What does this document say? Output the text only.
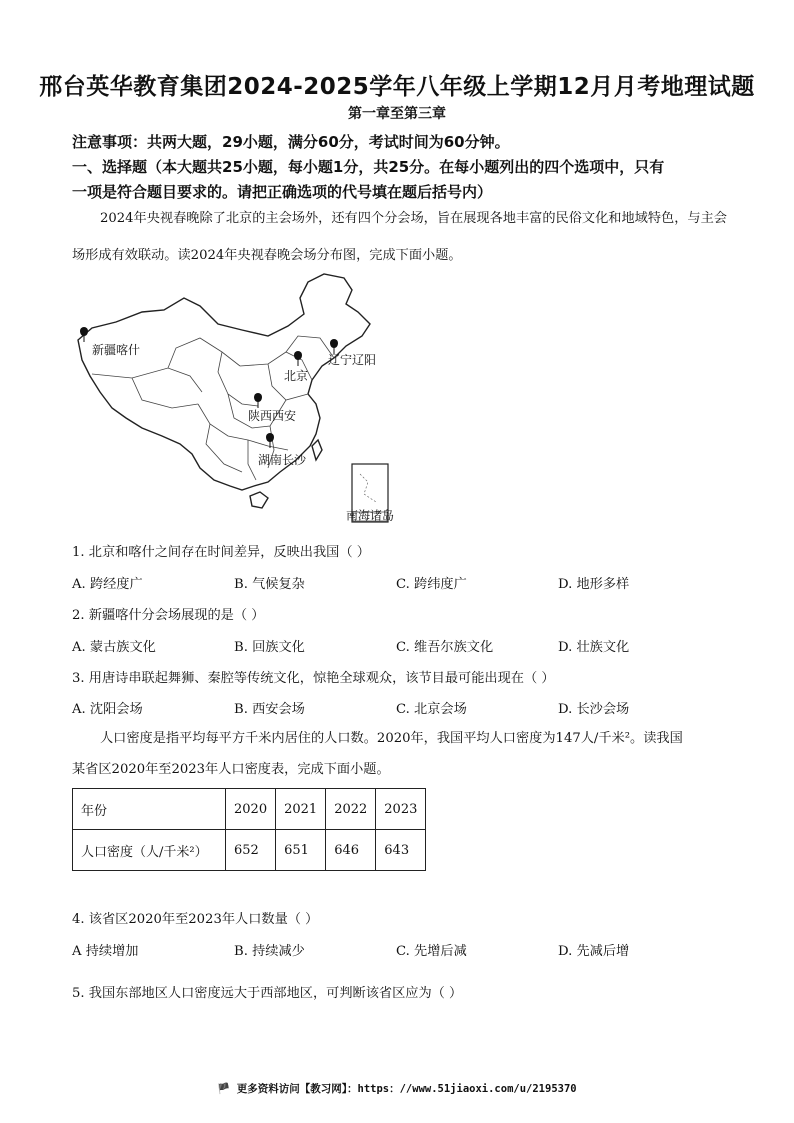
邢台英华教育集团2024-2025学年八年级上学期12月月考地理试题
第一章至第三章
注意事项：共两大题，29小题，满分60分，考试时间为60分钟。
一、选择题（本大题共25小题，每小题1分，共25分。在每小题列出的四个选项中，只有
一项是符合题目要求的。请把正确选项的代号填在题后括号内）
2024年央视春晚除了北京的主会场外，还有四个分会场，旨在展现各地丰富的民俗文化和地域特色，与主会场形成有效联动。读2024年央视春晚会场分布图，完成下面小题。
南海诸岛
新疆喀什
辽宁辽阳
北京
陕西西安
湖南长沙
1. 北京和喀什之间存在时间差异，反映出我国（ ）
A. 跨经度广	B. 气候复杂	C. 跨纬度广	D. 地形多样
2. 新疆喀什分会场展现的是（ ）
A. 蒙古族文化	B. 回族文化	C. 维吾尔族文化	D. 壮族文化
3. 用唐诗串联起舞狮、秦腔等传统文化，惊艳全球观众，该节目最可能出现在（ ）
A. 沈阳会场	B. 西安会场	C. 北京会场	D. 长沙会场
人口密度是指平均每平方千米内居住的人口数。2020年，我国平均人口密度为147人/千米²。读我国
某省区2020年至2023年人口密度表，完成下面小题。
年份	2020	2021	2022	2023
人口密度（人/千米²）	652	651	646	643
4. 该省区2020年至2023年人口数量（ ）
A 持续增加	B. 持续减少	C. 先增后减	D. 先减后增
5. 我国东部地区人口密度远大于西部地区，可判断该省区应为（ ）
🏴 更多资料访问【教习网】：https：//www.51jiaoxi.com/u/2195370
